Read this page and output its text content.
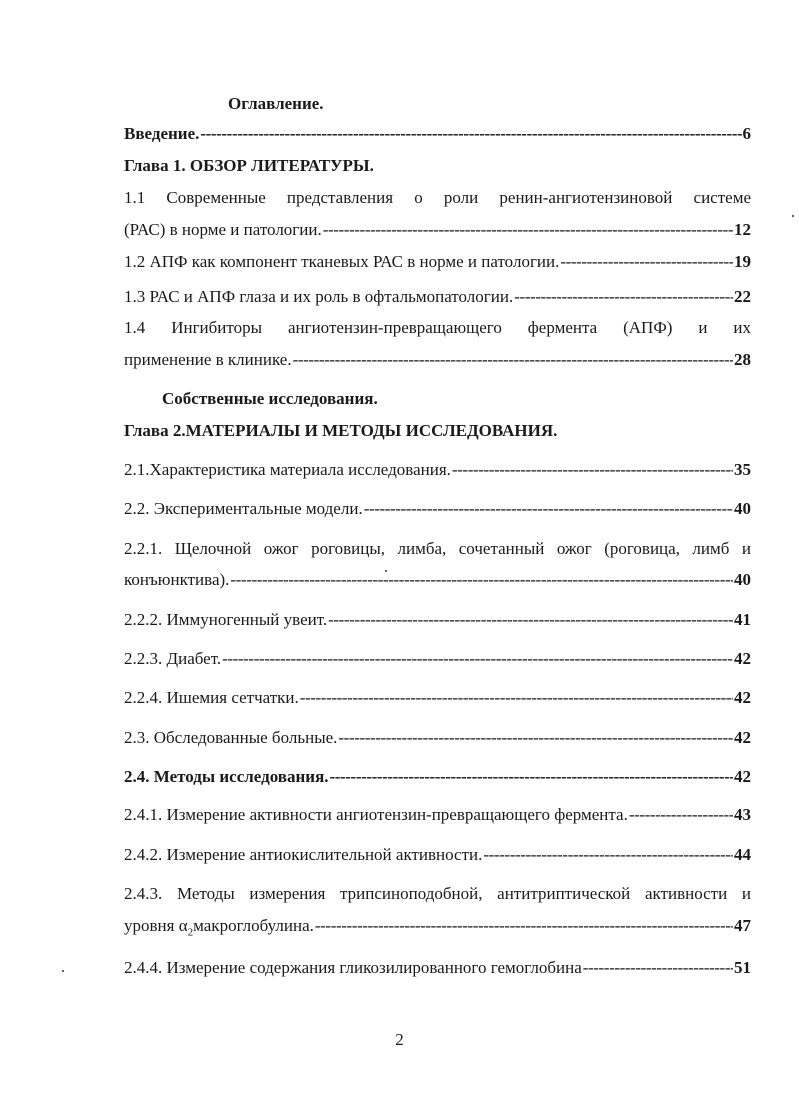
Оглавление.
Введение. -----	6
Глава 1. ОБЗОР ЛИТЕРАТУРЫ.
1.1 Современные представления о роли ренин-ангиотензиновой системе
(РАС) в норме и патологии. -----	12
1.2 АПФ как компонент тканевых РАС в норме и патологии. -----	19
1.3 РАС и АПФ глаза и их роль в офтальмопатологии. -----	22
1.4 Ингибиторы ангиотензин-превращающего фермента (АПФ) и их
применение в клинике. -----	28
Собственные исследования.
Глава 2.МАТЕРИАЛЫ И МЕТОДЫ ИССЛЕДОВАНИЯ.
2.1.Характеристика материала исследования. -----	35
2.2. Экспериментальные модели. -----	40
2.2.1. Щелочной ожог роговицы, лимба, сочетанный ожог (роговица, лимб и
конъюнктива). -----	40
2.2.2. Иммуногенный увеит. -----	41
2.2.3. Диабет. -----	42
2.2.4. Ишемия сетчатки. -----	42
2.3. Обследованные больные. -----	42
2.4. Методы исследования. -----	42
2.4.1. Измерение активности ангиотензин-превращающего фермента. -----	43
2.4.2. Измерение антиокислительной активности. -----	44
2.4.3. Методы измерения трипсиноподобной, антитриптической активности и
уровня $\alpha_2макроглобулина$. -----	47
2.4.4. Измерение содержания гликозилированного гемоглобина -----	51
2
